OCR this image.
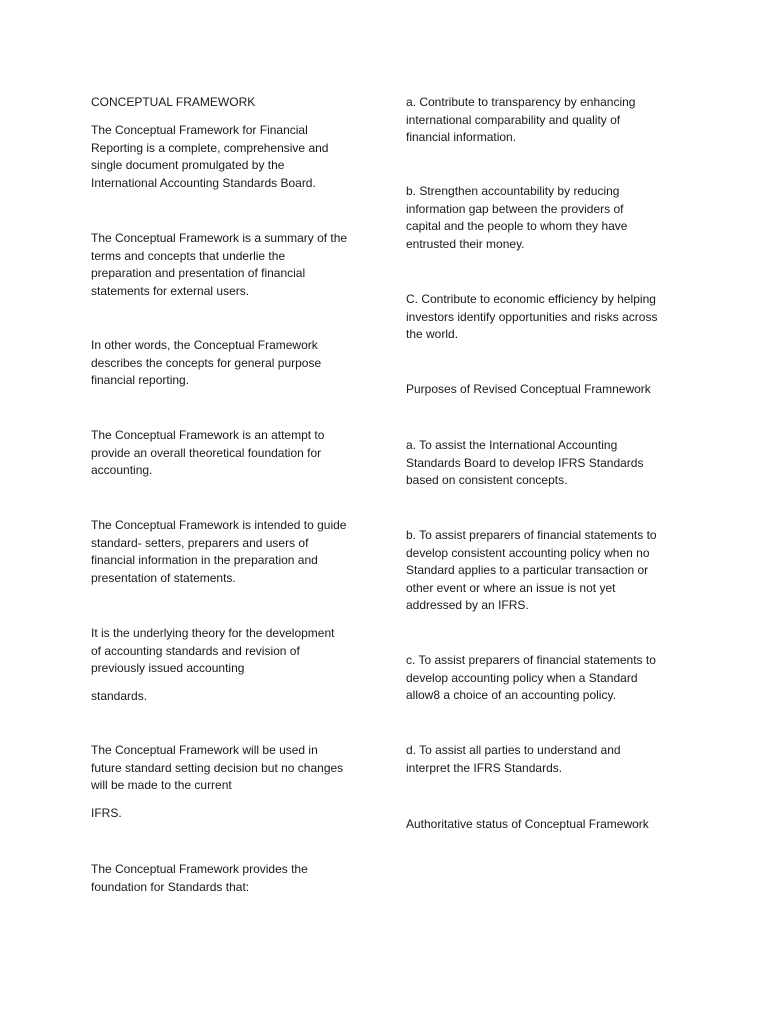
CONCEPTUAL FRAMEWORK
The Conceptual Framework for Financial
Reporting is a complete, comprehensive and
single document promulgated by the
International Accounting Standards Board.
The Conceptual Framework is a summary of the
terms and concepts that underlie the
preparation and presentation of financial
statements for external users.
In other words, the Conceptual Framework
describes the concepts for general purpose
financial reporting.
The Conceptual Framework is an attempt to
provide an overall theoretical foundation for
accounting.
The Conceptual Framework is intended to guide
standard- setters, preparers and users of
financial information in the preparation and
presentation of statements.
It is the underlying theory for the development
of accounting standards and revision of
previously issued accounting
standards.
The Conceptual Framework will be used in
future standard setting decision but no changes
will be made to the current
IFRS.
The Conceptual Framework provides the
foundation for Standards that:
a. Contribute to transparency by enhancing
international comparability and quality of
financial information.
b. Strengthen accountability by reducing
information gap between the providers of
capital and the people to whom they have
entrusted their money.
C. Contribute to economic efficiency by helping
investors identify opportunities and risks across
the world.
Purposes of Revised Conceptual Framnework
a. To assist the International Accounting
Standards Board to develop IFRS Standards
based on consistent concepts.
b. To assist preparers of financial statements to
develop consistent accounting policy when no
Standard applies to a particular transaction or
other event or where an issue is not yet
addressed by an IFRS.
c. To assist preparers of financial statements to
develop accounting policy when a Standard
allow8 a choice of an accounting policy.
d. To assist all parties to understand and
interpret the IFRS Standards.
Authoritative status of Conceptual Framework
